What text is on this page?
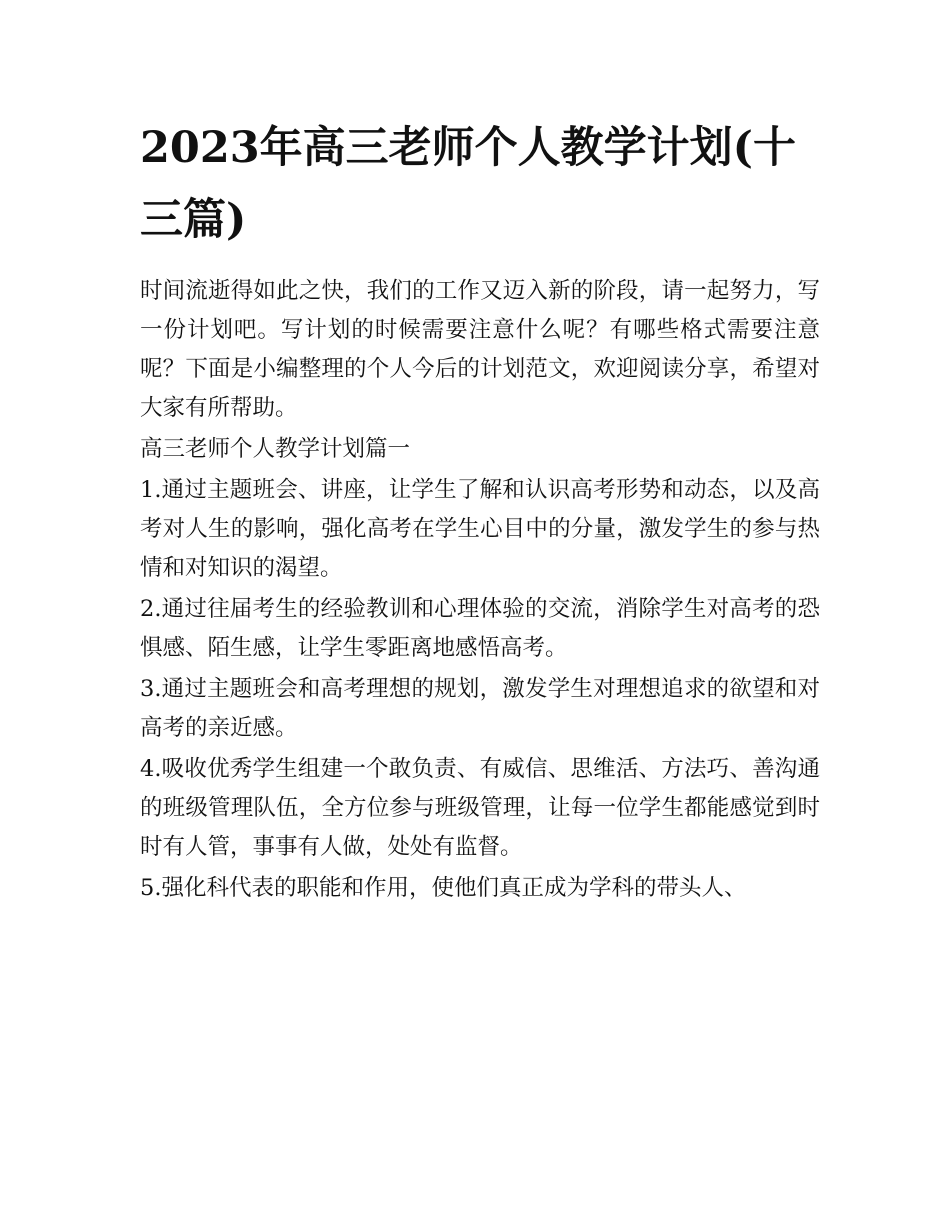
2023年高三老师个人教学计划(十三篇)

时间流逝得如此之快，我们的工作又迈入新的阶段，请一起努力，写一份计划吧。写计划的时候需要注意什么呢？有哪些格式需要注意呢？下面是小编整理的个人今后的计划范文，欢迎阅读分享，希望对大家有所帮助。

高三老师个人教学计划篇一

1.通过主题班会、讲座，让学生了解和认识高考形势和动态，以及高考对人生的影响，强化高考在学生心目中的分量，激发学生的参与热情和对知识的渴望。

2.通过往届考生的经验教训和心理体验的交流，消除学生对高考的恐惧感、陌生感，让学生零距离地感悟高考。

3.通过主题班会和高考理想的规划，激发学生对理想追求的欲望和对高考的亲近感。

4.吸收优秀学生组建一个敢负责、有威信、思维活、方法巧、善沟通的班级管理队伍，全方位参与班级管理，让每一位学生都能感觉到时时有人管，事事有人做，处处有监督。

5.强化科代表的职能和作用，使他们真正成为学科的带头人、
